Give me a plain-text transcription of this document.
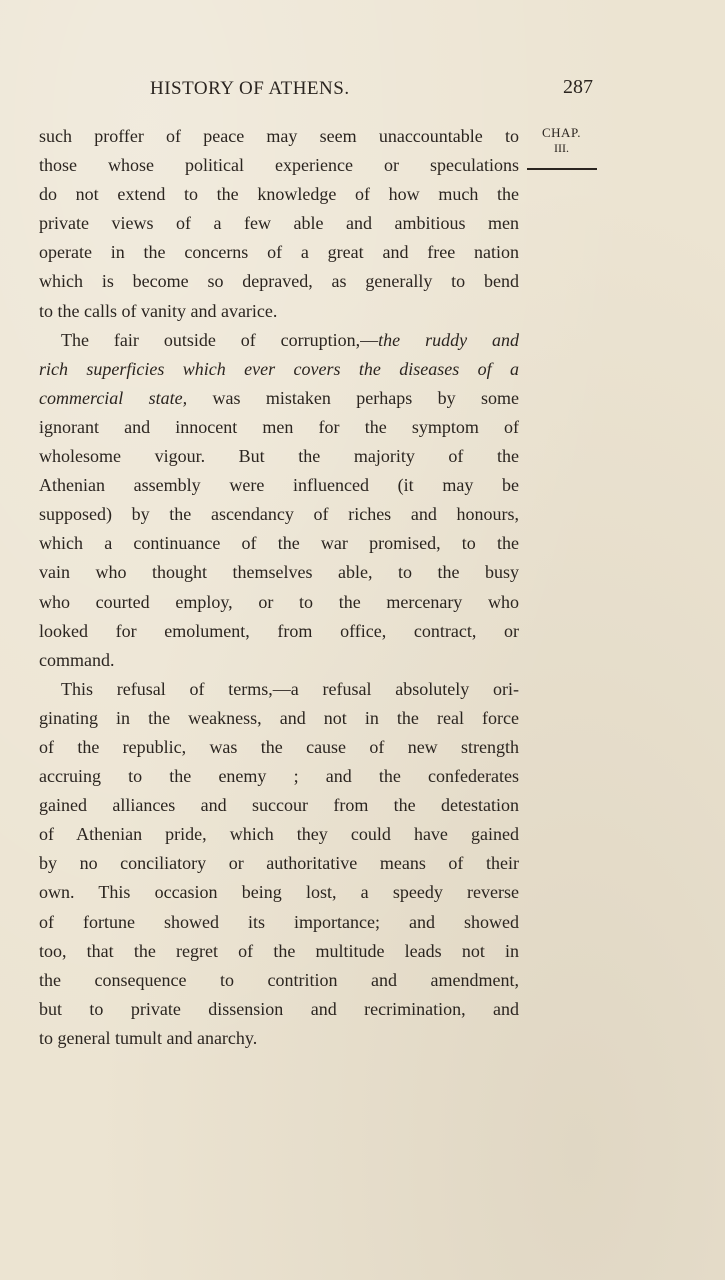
HISTORY OF ATHENS.	287
CHAP.
III.

such proffer of peace may seem unaccountable to
those whose political experience or speculations
do not extend to the knowledge of how much the
private views of a few able and ambitious men
operate in the concerns of a great and free nation
which is become so depraved, as generally to bend
to the calls of vanity and avarice.

The fair outside of corruption,—the ruddy and
rich superficies which ever covers the diseases of a
commercial state, was mistaken perhaps by some
ignorant and innocent men for the symptom of
wholesome vigour. But the majority of the
Athenian assembly were influenced (it may be
supposed) by the ascendancy of riches and honours,
which a continuance of the war promised, to the
vain who thought themselves able, to the busy
who courted employ, or to the mercenary who
looked for emolument, from office, contract, or
command.

This refusal of terms,—a refusal absolutely ori-
ginating in the weakness, and not in the real force
of the republic, was the cause of new strength
accruing to the enemy ; and the confederates
gained alliances and succour from the detestation
of Athenian pride, which they could have gained
by no conciliatory or authoritative means of their
own. This occasion being lost, a speedy reverse
of fortune showed its importance; and showed
too, that the regret of the multitude leads not in
the consequence to contrition and amendment,
but to private dissension and recrimination, and
to general tumult and anarchy.
